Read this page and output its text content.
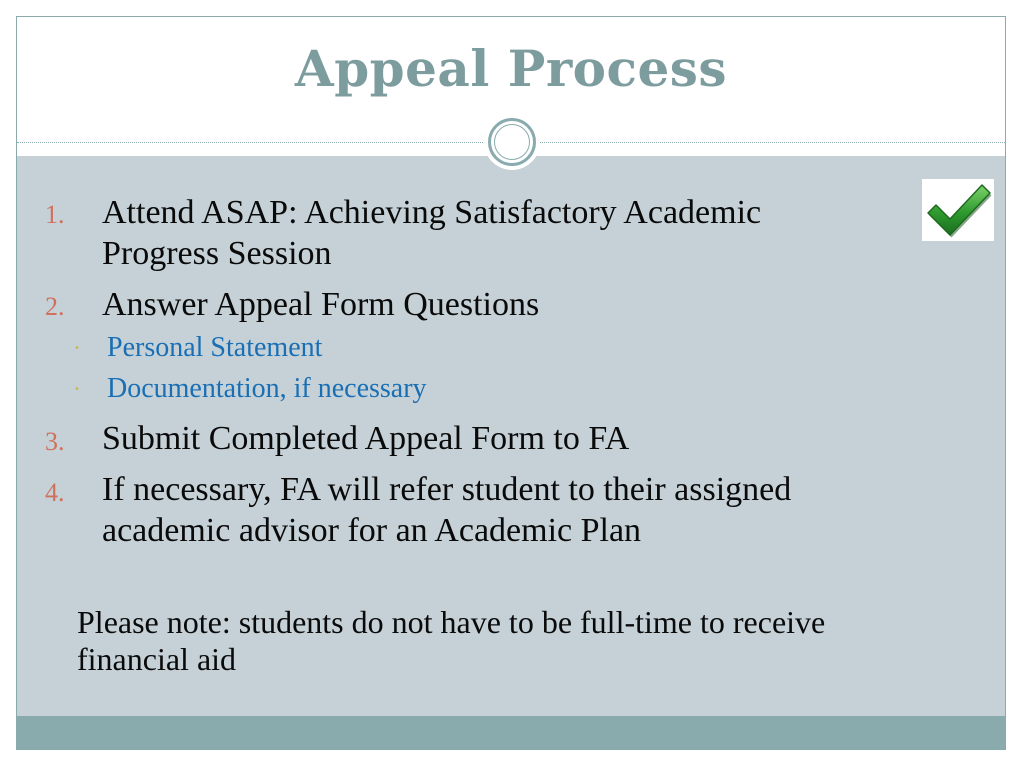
Appeal Process
1. Attend ASAP: Achieving Satisfactory Academic
Progress Session
2. Answer Appeal Form Questions
• Personal Statement
• Documentation, if necessary
3. Submit Completed Appeal Form to FA
4. If necessary, FA will refer student to their assigned
academic advisor for an Academic Plan
Please note: students do not have to be full-time to receive
financial aid
